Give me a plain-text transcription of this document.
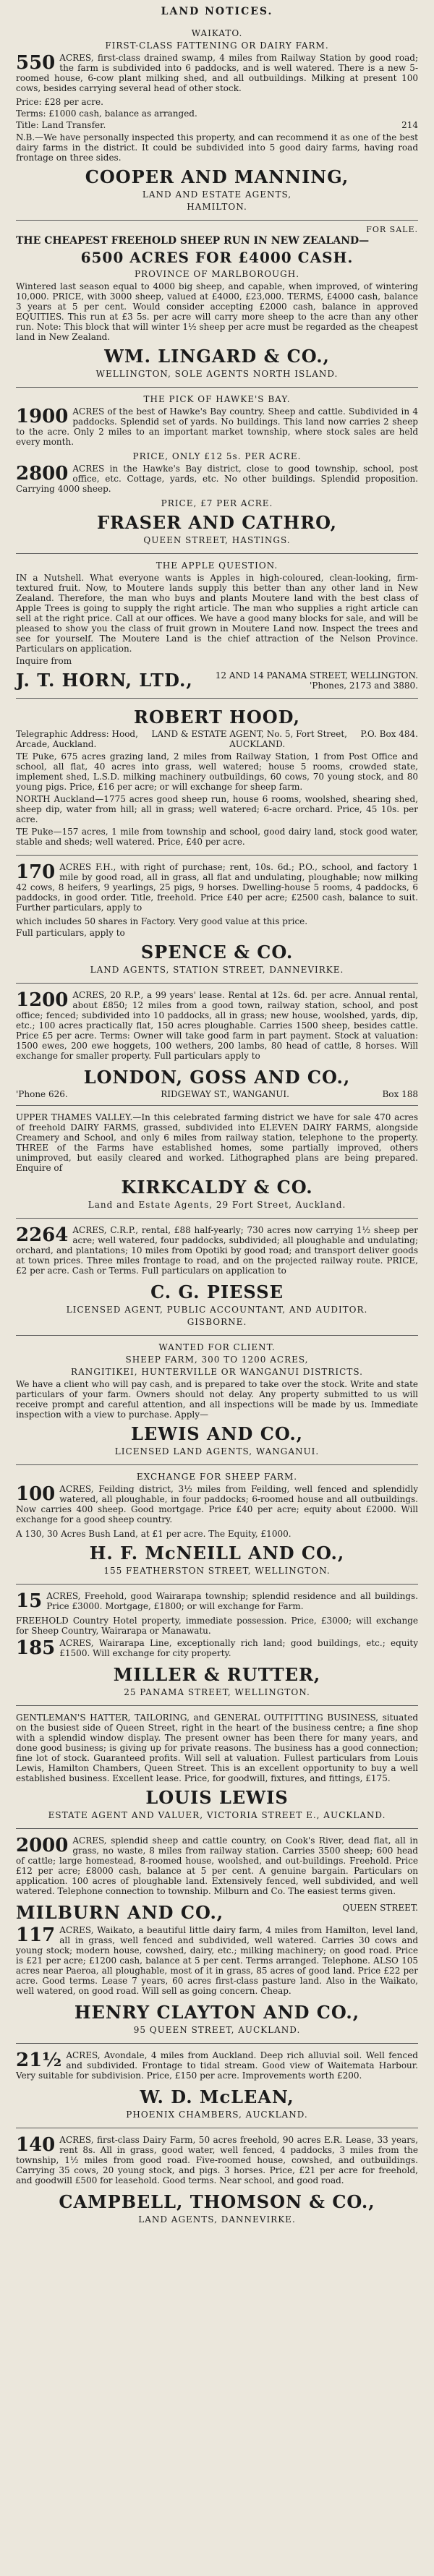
LAND NOTICES.
WAIKATO.
FIRST-CLASS FATTENING OR DAIRY FARM.
550 ACRES, first-class drained swamp, 4 miles from Railway Station by good road; the farm is subdivided into 6 paddocks, and is well watered. There is a new 5-roomed house, 6-cow plant milking shed, and all outbuildings. Milking at present 100 cows, besides carrying several head of other stock.
Price: £28 per acre.
Terms: £1000 cash, balance as arranged.
Title: Land Transfer.	214
N.B.—We have personally inspected this property, and can recommend it as one of the best dairy farms in the district. It could be subdivided into 5 good dairy farms, having road frontage on three sides.
COOPER AND MANNING,
LAND AND ESTATE AGENTS,
HAMILTON.
FOR SALE.
THE CHEAPEST FREEHOLD SHEEP RUN IN NEW ZEALAND—
6500 ACRES FOR £4000 CASH.
PROVINCE OF MARLBOROUGH.
Wintered last season equal to 4000 big sheep, and capable, when improved, of wintering 10,000. PRICE, with 3000 sheep, valued at £4000, £23,000. TERMS, £4000 cash, balance 3 years at 5 per cent. Would consider accepting £2000 cash, balance in approved EQUITIES. This run at £3 5s. per acre will carry more sheep to the acre than any other run. Note: This block that will winter 1½ sheep per acre must be regarded as the cheapest land in New Zealand.
WM. LINGARD & CO.,
WELLINGTON, SOLE AGENTS NORTH ISLAND.
THE PICK OF HAWKE'S BAY.
1900 ACRES of the best of Hawke's Bay country. Sheep and cattle. Subdivided in 4 paddocks. Splendid set of yards. No buildings. This land now carries 2 sheep to the acre. Only 2 miles to an important market township, where stock sales are held every month.
PRICE, ONLY £12 5s. PER ACRE.
2800 ACRES in the Hawke's Bay district, close to good township, school, post office, etc. Cottage, yards, etc. No other buildings. Splendid proposition. Carrying 4000 sheep.
PRICE, £7 PER ACRE.
FRASER AND CATHRO,
QUEEN STREET, HASTINGS.
THE APPLE QUESTION.
IN a Nutshell. What everyone wants is Apples in high-coloured, clean-looking, firm-textured fruit. Now, to Moutere lands supply this better than any other land in New Zealand. Therefore, the man who buys and plants Moutere land with the best class of Apple Trees is going to supply the right article. The man who supplies a right article can sell at the right price. Call at our offices. We have a good many blocks for sale, and will be pleased to show you the class of fruit grown in Moutere Land now. Inspect the trees and see for yourself. The Moutere Land is the chief attraction of the Nelson Province. Particulars on application.
Inquire from
J. T. HORN, LTD.,	12 AND 14 PANAMA STREET, WELLINGTON.
'Phones, 2173 and 3880.
ROBERT HOOD,
Telegraphic Address: Hood, LAND & ESTATE AGENT, No. 5, Fort Street, P.O. Box 484.
Arcade, Auckland.	AUCKLAND.
TE Puke, 675 acres grazing land, 2 miles from Railway Station, 1 from Post Office and school, all flat, 40 acres into grass, well watered; house 5 rooms, crowded state, implement shed, L.S.D. milking machinery outbuildings, 60 cows, 70 young stock, and 80 young pigs. Price, £16 per acre; or will exchange for sheep farm.
NORTH Auckland—1775 acres good sheep run, house 6 rooms, woolshed, shearing shed, sheep dip, water from hill; all in grass; well watered; 6-acre orchard. Price, 45 10s. per acre.
TE Puke—157 acres, 1 mile from township and school, good dairy land, stock good water, stable and sheds; well watered. Price, £40 per acre.
170 ACRES F.H., with right of purchase; rent, 10s. 6d.; P.O., school, and factory 1 mile by good road, all in grass, all flat and undulating, ploughable; now milking 42 cows, 8 heifers, 9 yearlings, 25 pigs, 9 horses. Dwelling-house 5 rooms, 4 paddocks, 6 paddocks, in good order. Title, freehold. Price £40 per acre; £2500 cash, balance to suit. Further particulars, apply to
which includes 50 shares in Factory. Very good value at this price.
Full particulars, apply to
SPENCE & CO.
LAND AGENTS, STATION STREET, DANNEVIRKE.
1200 ACRES, 20 R.P., a 99 years' lease. Rental at 12s. 6d. per acre. Annual rental, about £850; 12 miles from a good town, railway station, school, and post office; fenced; subdivided into 10 paddocks, all in grass; new house, woolshed, yards, dip, etc.; 100 acres practically flat, 150 acres ploughable. Carries 1500 sheep, besides cattle. Price £5 per acre. Terms: Owner will take good farm in part payment. Stock at valuation: 1500 ewes, 200 ewe hoggets, 100 wethers, 200 lambs, 80 head of cattle, 8 horses. Will exchange for smaller property. Full particulars apply to
LONDON, GOSS AND CO.,
'Phone 626.	RIDGEWAY ST., WANGANUI.	Box 188
UPPER THAMES VALLEY.—In this celebrated farming district we have for sale 470 acres of freehold DAIRY FARMS, grassed, subdivided into ELEVEN DAIRY FARMS, alongside Creamery and School, and only 6 miles from railway station, telephone to the property. THREE of the Farms have established homes, some partially improved, others unimproved, but easily cleared and worked. Lithographed plans are being prepared. Enquire of
KIRKCALDY & CO.
Land and Estate Agents, 29 Fort Street, Auckland.
2264 ACRES, C.R.P., rental, £88 half-yearly; 730 acres now carrying 1½ sheep per acre; well watered, four paddocks, subdivided; all ploughable and undulating; orchard, and plantations; 10 miles from Opotiki by good road; and transport deliver goods at town prices. Three miles frontage to road, and on the projected railway route. PRICE, £2 per acre. Cash or Terms. Full particulars on application to
C. G. PIESSE
LICENSED AGENT, PUBLIC ACCOUNTANT, AND AUDITOR.
GISBORNE.
WANTED FOR CLIENT.
SHEEP FARM, 300 TO 1200 ACRES,
RANGITIKEI, HUNTERVILLE OR WANGANUI DISTRICTS.
We have a client who will pay cash, and is prepared to take over the stock. Write and state particulars of your farm. Owners should not delay. Any property submitted to us will receive prompt and careful attention, and all inspections will be made by us. Immediate inspection with a view to purchase. Apply—
LEWIS AND CO.,
LICENSED LAND AGENTS, WANGANUI.
EXCHANGE FOR SHEEP FARM.
100 ACRES, Feilding district, 3½ miles from Feilding, well fenced and splendidly watered, all ploughable, in four paddocks; 6-roomed house and all outbuildings. Now carries 400 sheep. Good mortgage. Price £40 per acre; equity about £2000. Will exchange for a good sheep country.
A 130, 30 Acres Bush Land, at £1 per acre. The Equity, £1000.
H. F. McNEILL AND CO.,
155 FEATHERSTON STREET, WELLINGTON.
15 ACRES, Freehold, good Wairarapa township; splendid residence and all buildings. Price £3000. Mortgage, £1800; or will exchange for Farm.
FREEHOLD Country Hotel property, immediate possession. Price, £3000; will exchange for Sheep Country, Wairarapa or Manawatu.
185 ACRES, Wairarapa Line, exceptionally rich land; good buildings, etc.; equity £1500. Will exchange for city property.
MILLER & RUTTER,
25 PANAMA STREET, WELLINGTON.
GENTLEMAN'S HATTER, TAILORING, and GENERAL OUTFITTING BUSINESS, situated on the busiest side of Queen Street, right in the heart of the business centre; a fine shop with a splendid window display. The present owner has been there for many years, and done good business; is giving up for private reasons. The business has a good connection; fine lot of stock. Guaranteed profits. Will sell at valuation. Fullest particulars from Louis Lewis, Hamilton Chambers, Queen Street. This is an excellent opportunity to buy a well established business. Excellent lease. Price, for goodwill, fixtures, and fittings, £175.
LOUIS LEWIS
ESTATE AGENT AND VALUER, VICTORIA STREET E., AUCKLAND.
2000 ACRES, splendid sheep and cattle country, on Cook's River, dead flat, all in grass, no waste, 8 miles from railway station. Carries 3500 sheep; 600 head of cattle; large homestead, 8-roomed house, woolshed, and out-buildings. Freehold. Price £12 per acre; £8000 cash, balance at 5 per cent. A genuine bargain. Particulars on application. 100 acres of ploughable land. Extensively fenced, well subdivided, and well watered. Telephone connection to township. Milburn and Co. The easiest terms given.
MILBURN AND CO.,	QUEEN STREET.
117 ACRES, Waikato, a beautiful little dairy farm, 4 miles from Hamilton, level land, all in grass, well fenced and subdivided, well watered. Carries 30 cows and young stock; modern house, cowshed, dairy, etc.; milking machinery; on good road. Price is £21 per acre; £1200 cash, balance at 5 per cent. Terms arranged. Telephone. ALSO 105 acres near Paeroa, all ploughable, most of it in grass, 85 acres of good land. Price £22 per acre. Good terms. Lease 7 years, 60 acres first-class pasture land. Also in the Waikato, well watered, on good road. Will sell as going concern. Cheap.
HENRY CLAYTON AND CO.,
95 QUEEN STREET, AUCKLAND.
21½ ACRES, Avondale, 4 miles from Auckland. Deep rich alluvial soil. Well fenced and subdivided. Frontage to tidal stream. Good view of Waitemata Harbour. Very suitable for subdivision. Price, £150 per acre. Improvements worth £200.
W. D. McLEAN,
PHOENIX CHAMBERS, AUCKLAND.
140 ACRES, first-class Dairy Farm, 50 acres freehold, 90 acres E.R. Lease, 33 years, rent 8s. All in grass, good water, well fenced, 4 paddocks, 3 miles from the township, 1½ miles from good road. Five-roomed house, cowshed, and outbuildings. Carrying 35 cows, 20 young stock, and pigs. 3 horses. Price, £21 per acre for freehold, and goodwill £500 for leasehold. Good terms. Near school, and good road.
CAMPBELL, THOMSON & CO.,
LAND AGENTS, DANNEVIRKE.
